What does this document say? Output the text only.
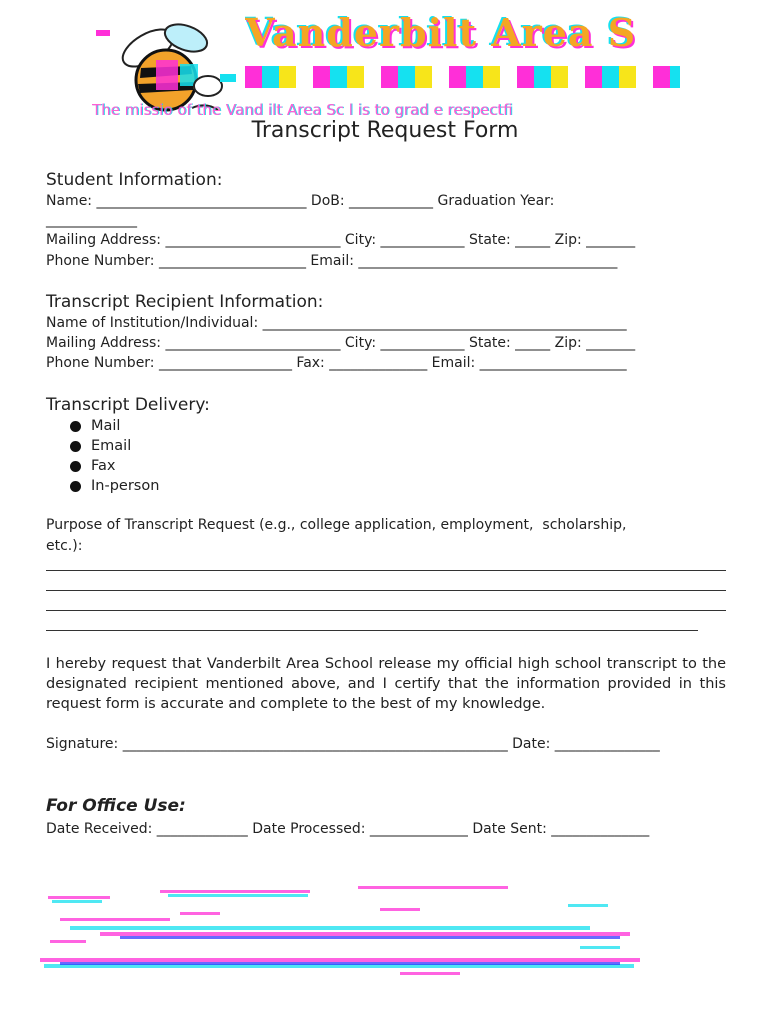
Vanderbilt Area S
The missio of the Vand ilt Area Sc l is to grad e respectfi
Transcript Request Form
Student Information:
Name: ______________________________ DoB: ____________ Graduation Year:
_____________
Mailing Address: _________________________ City: ____________ State: _____ Zip: _______
Phone Number: _____________________ Email: _____________________________________
Transcript Recipient Information:
Name of Institution/Individual: ____________________________________________________
Mailing Address: _________________________ City: ____________ State: _____ Zip: _______
Phone Number: ___________________ Fax: ______________ Email: _____________________
Transcript Delivery:
Mail
Email
Fax
In-person
Purpose of Transcript Request (e.g., college application, employment,  scholarship,
etc.):
I hereby request that Vanderbilt Area School release my official high school transcript to the designated recipient mentioned above, and I certify that the information provided in this request form is accurate and complete to the best of my knowledge.
Signature: _______________________________________________________ Date: _______________
For Office Use:
Date Received: _____________ Date Processed: ______________ Date Sent: ______________
